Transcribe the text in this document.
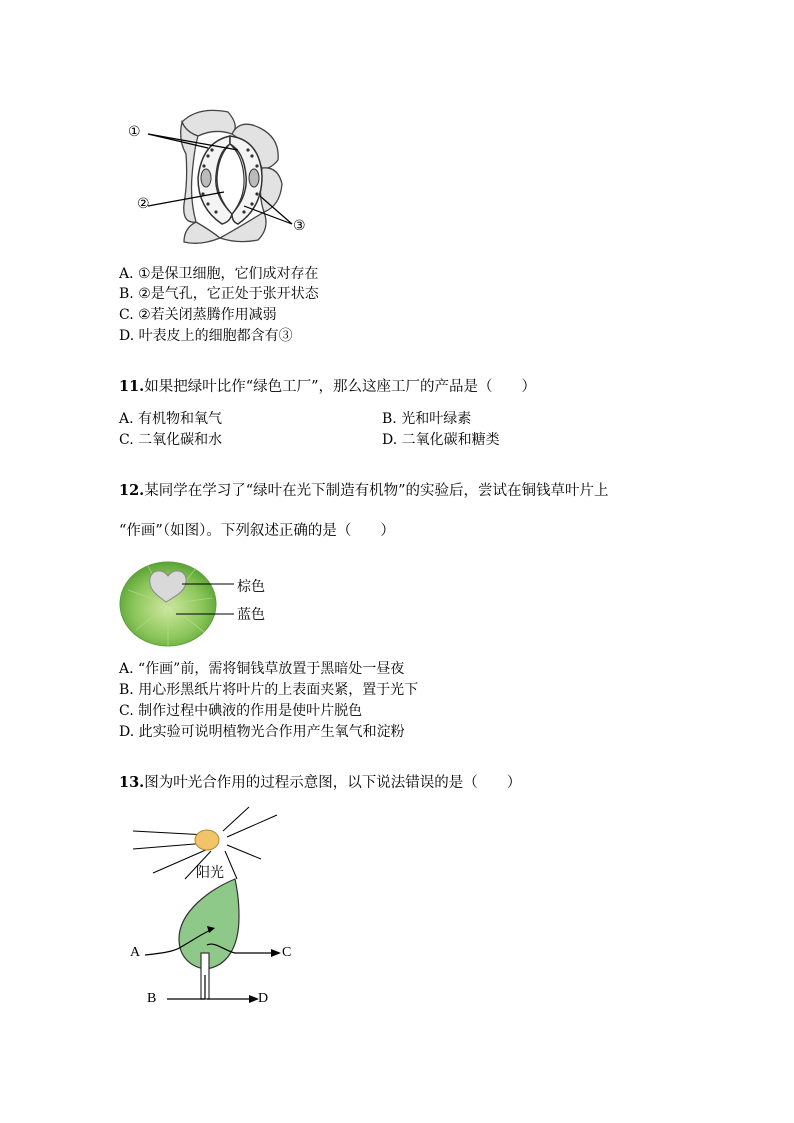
①
②
③
A. ①是保卫细胞，它们成对存在
B. ②是气孔，它正处于张开状态
C. ②若关闭蒸腾作用减弱
D. 叶表皮上的细胞都含有③
11.如果把绿叶比作“绿色工厂”，那么这座工厂的产品是（　　）
A. 有机物和氧气	B. 光和叶绿素
C. 二氧化碳和水	D. 二氧化碳和糖类
12.某同学在学习了“绿叶在光下制造有机物”的实验后，尝试在铜钱草叶片上
“作画”（如图）。下列叙述正确的是（　　）
棕色
蓝色
A. “作画”前，需将铜钱草放置于黑暗处一昼夜
B. 用心形黑纸片将叶片的上表面夹紧，置于光下
C. 制作过程中碘液的作用是使叶片脱色
D. 此实验可说明植物光合作用产生氧气和淀粉
13.图为叶光合作用的过程示意图，以下说法错误的是（　　）
阳光
A	C
B	D
